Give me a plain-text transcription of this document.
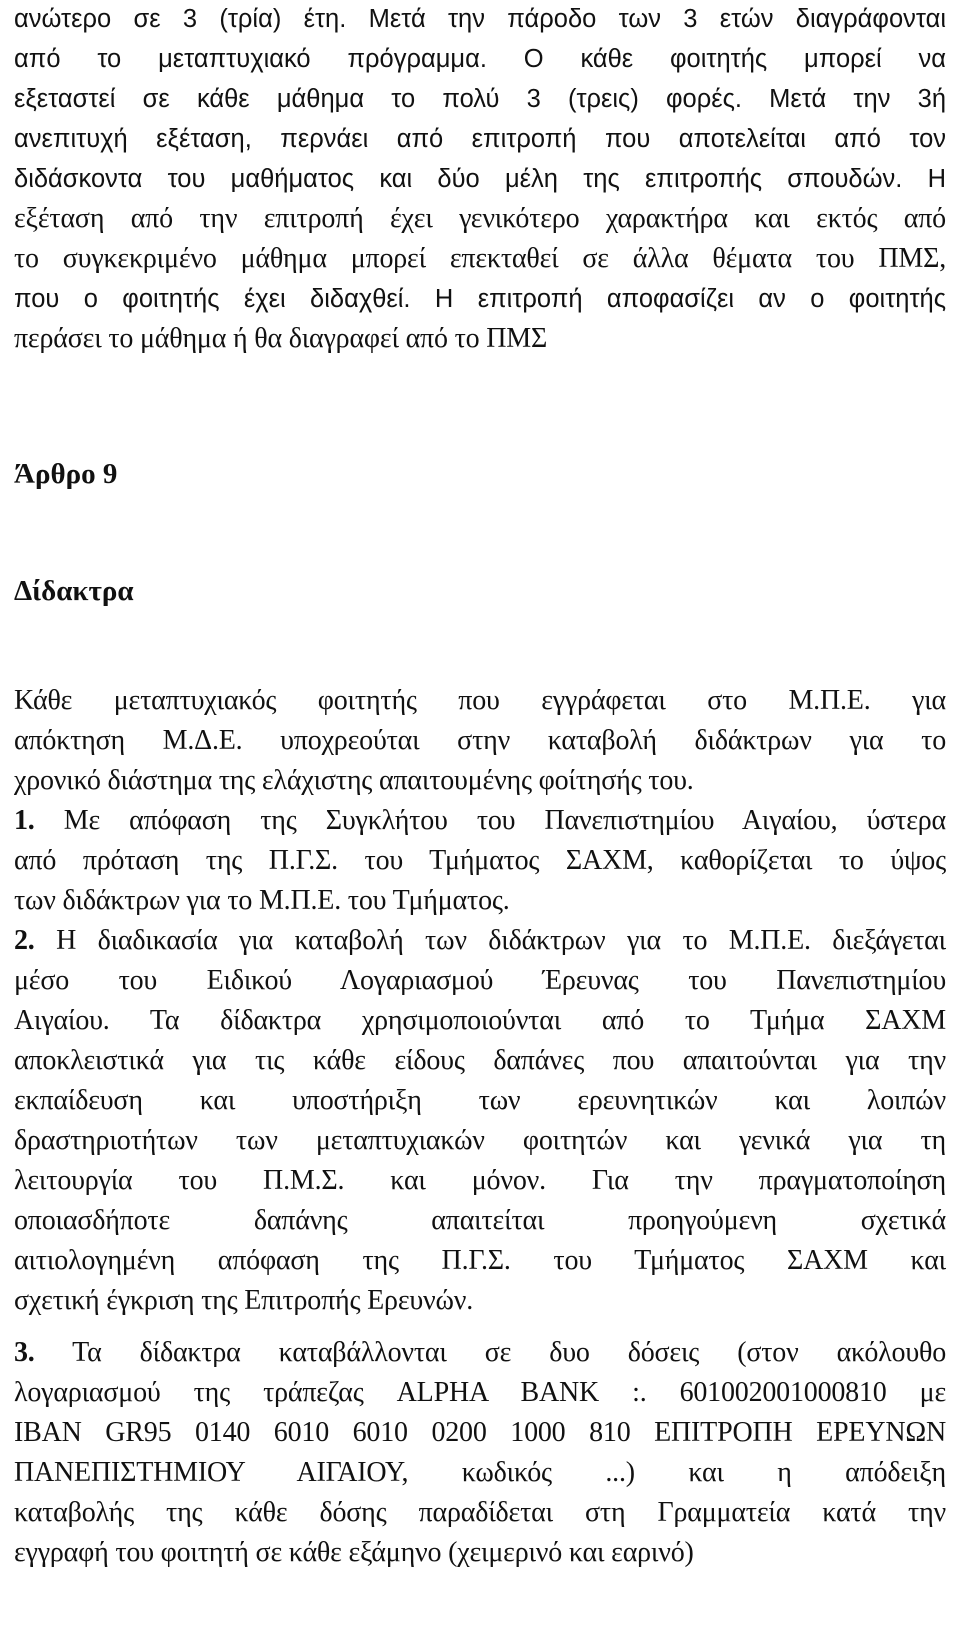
ανώτερο σε 3 (τρία) έτη. Μετά την πάροδο των 3 ετών διαγράφονται
από το μεταπτυχιακό πρόγραμμα. Ο κάθε φοιτητής μπορεί να
εξεταστεί σε κάθε μάθημα το πολύ 3 (τρεις) φορές. Μετά την 3ή
ανεπιτυχή εξέταση, περνάει από επιτροπή που αποτελείται από τον
διδάσκοντα του μαθήματος και δύο μέλη της επιτροπής σπουδών. Η
εξέταση από την επιτροπή έχει γενικότερο χαρακτήρα και εκτός από
το συγκεκριμένο μάθημα μπορεί επεκταθεί σε άλλα θέματα του ΠΜΣ,
που ο φοιτητής έχει διδαχθεί. Η επιτροπή αποφασίζει αν ο φοιτητής
περάσει το μάθημα ή θα διαγραφεί από το ΠΜΣ
Άρθρο 9
Δίδακτρα
Κάθε μεταπτυχιακός φοιτητής που εγγράφεται στο Μ.Π.Ε. για
απόκτηση Μ.Δ.Ε. υποχρεούται στην καταβολή διδάκτρων για το
χρονικό διάστημα της ελάχιστης απαιτουμένης φοίτησής του.
1. Με απόφαση της Συγκλήτου του Πανεπιστημίου Αιγαίου, ύστερα
από πρόταση της Π.Γ.Σ. του Τμήματος ΣΑΧΜ, καθορίζεται το ύψος
των διδάκτρων για το Μ.Π.Ε. του Τμήματος.
2. Η διαδικασία για καταβολή των διδάκτρων για το Μ.Π.Ε. διεξάγεται
μέσο του Ειδικού Λογαριασμού Έρευνας του Πανεπιστημίου
Αιγαίου. Τα δίδακτρα χρησιμοποιούνται από το Τμήμα ΣΑΧΜ
αποκλειστικά για τις κάθε είδους δαπάνες που απαιτούνται για την
εκπαίδευση και υποστήριξη των ερευνητικών και λοιπών
δραστηριοτήτων των μεταπτυχιακών φοιτητών και γενικά για τη
λειτουργία του Π.Μ.Σ. και μόνον. Για την πραγματοποίηση
οποιασδήποτε δαπάνης απαιτείται προηγούμενη σχετικά
αιτιολογημένη απόφαση της Π.Γ.Σ. του Τμήματος ΣΑΧΜ και
σχετική έγκριση της Επιτροπής Ερευνών.
3. Τα δίδακτρα καταβάλλονται σε δυο δόσεις (στον ακόλουθο
λογαριασμού της τράπεζας ALPHA BANK :. 601002001000810 με
IBAN GR95 0140 6010 6010 0200 1000 810 ΕΠΙΤΡΟΠΗ ΕΡΕΥΝΩΝ
ΠΑΝΕΠΙΣΤΗΜΙΟΥ ΑΙΓΑΙΟΥ, κωδικός ...) και η απόδειξη
καταβολής της κάθε δόσης παραδίδεται στη Γραμματεία κατά την
εγγραφή του φοιτητή σε κάθε εξάμηνο (χειμερινό και εαρινό)
